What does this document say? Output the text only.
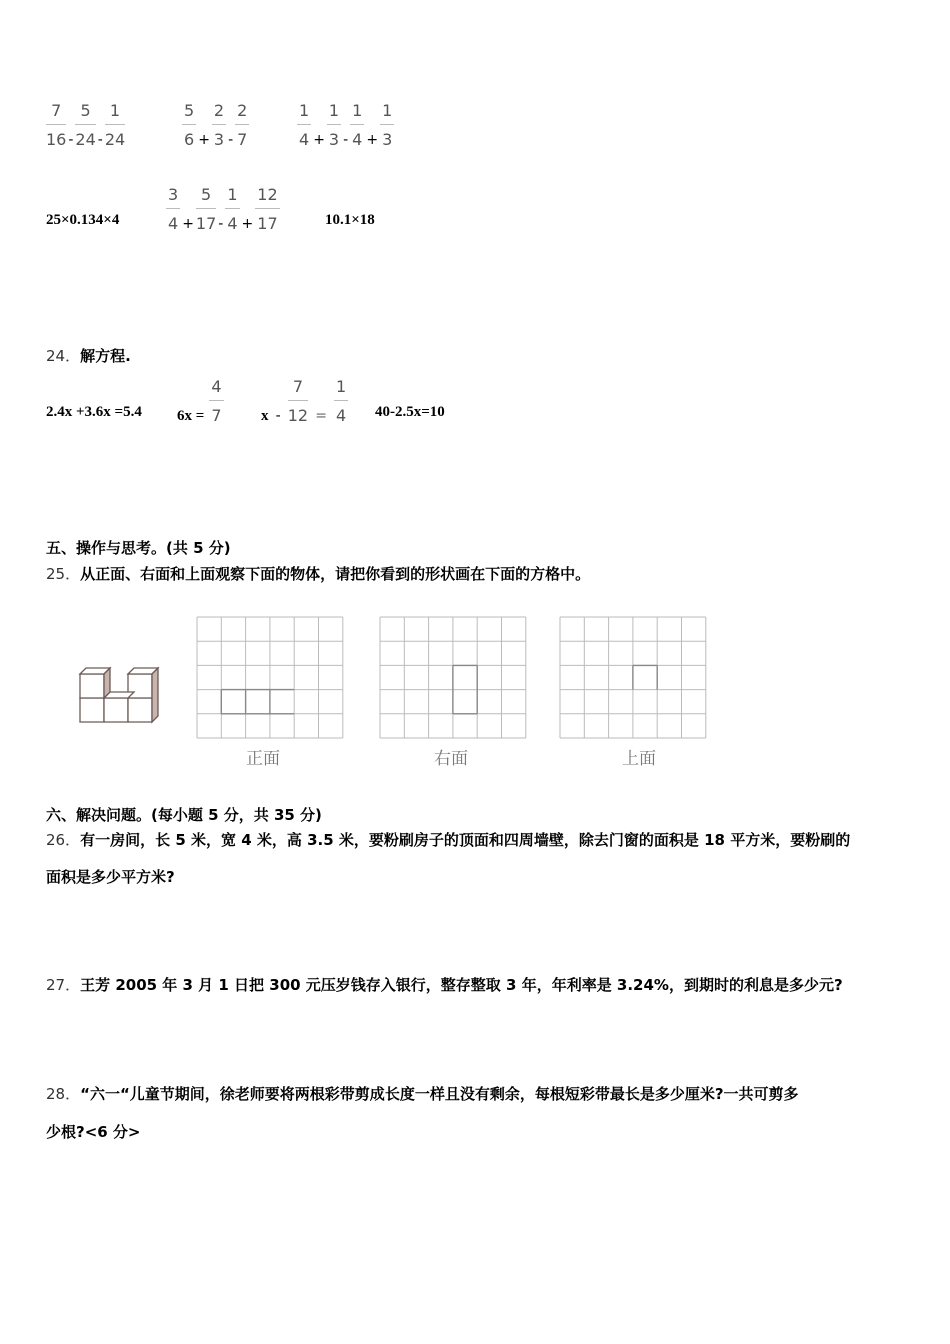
$\frac{7}{16} - \frac{5}{24} - \frac{1}{24}$	$\frac{5}{6} + \frac{2}{3} - \frac{2}{7}$	$\frac{1}{4} + \frac{1}{3} - \frac{1}{4} + \frac{1}{3}$
25×0.134×4	$\frac{3}{4} + \frac{5}{17} - \frac{1}{4} + \frac{12}{17}$	10.1×18
24．解方程.
2.4x +3.6x =5.4 $6x = \frac{4}{7}$ $x - \frac{7}{12} = \frac{1}{4} 40-2.5x=10$
五、操作与思考。(共 5 分)
25．从正面、右面和上面观察下面的物体，请把你看到的形状画在下面的方格中。
正面	右面	上面
六、解决问题。(每小题 5 分，共 35 分)
26．有一房间，长 5 米，宽 4 米，高 3.5 米，要粉刷房子的顶面和四周墙壁，除去门窗的面积是 18 平方米，要粉刷的
面积是多少平方米?
27．王芳 2005 年 3 月 1 日把 300 元压岁钱存入银行，整存整取 3 年，年利率是 3.24%，到期时的利息是多少元?
28．“六一“儿童节期间，徐老师要将两根彩带剪成长度一样且没有剩余，每根短彩带最长是多少厘米?一共可剪多
少根?<6 分>
